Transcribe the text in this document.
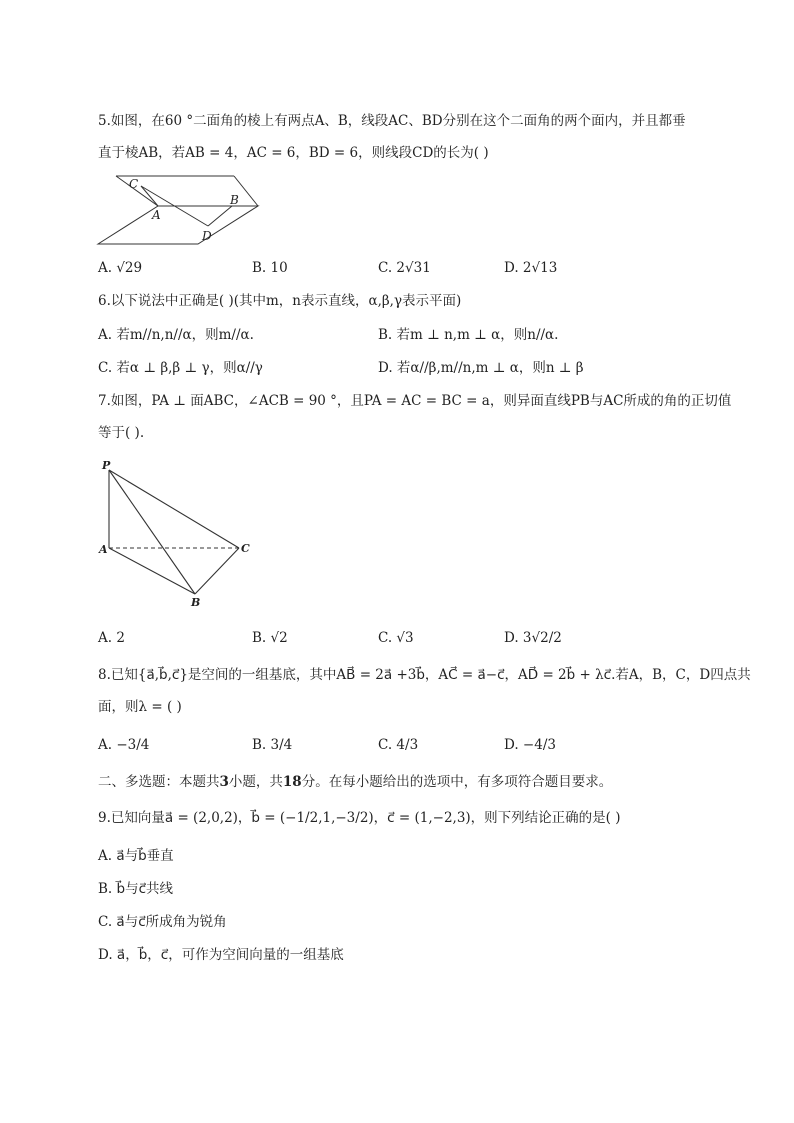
5.如图，在60 °二面角的棱上有两点A、B，线段AC、BD分别在这个二面角的两个面内，并且都垂
直于棱AB，若AB = 4，AC = 6，BD = 6，则线段CD的长为( )
C
B
A
D
A. √29	B. 10	C. 2√31	D. 2√13
6.以下说法中正确是( )(其中m，n表示直线，α,β,γ表示平面)
A. 若m//n,n//α，则m//α.	B. 若m ⊥ n,m ⊥ α，则n//α.
C. 若α ⊥ β,β ⊥ γ，则α//γ	D. 若α//β,m//n,m ⊥ α，则n ⊥ β
7.如图，PA ⊥ 面ABC，∠ACB = 90 °，且PA = AC = BC = a，则异面直线PB与AC所成的角的正切值
等于( ).
P
A	C
B
A. 2	B. √2	C. √3	D. 3√2/2
8.已知{a⃗,b⃗,c⃗}是空间的一组基底，其中AB⃗ = 2a⃗ +3b⃗，AC⃗ = a⃗−c⃗，AD⃗ = 2b⃗ + λc⃗.若A，B，C，D四点共
面，则λ = ( )
A. −3/4	B. 3/4	C. 4/3	D. −4/3
二、多选题：本题共3小题，共18分。在每小题给出的选项中，有多项符合题目要求。
9.已知向量a⃗ = (2,0,2)，b⃗ = (−1/2,1,−3/2)，c⃗ = (1,−2,3)，则下列结论正确的是( )
A. a⃗与b⃗垂直
B. b⃗与c⃗共线
C. a⃗与c⃗所成角为锐角
D. a⃗，b⃗，c⃗，可作为空间向量的一组基底
